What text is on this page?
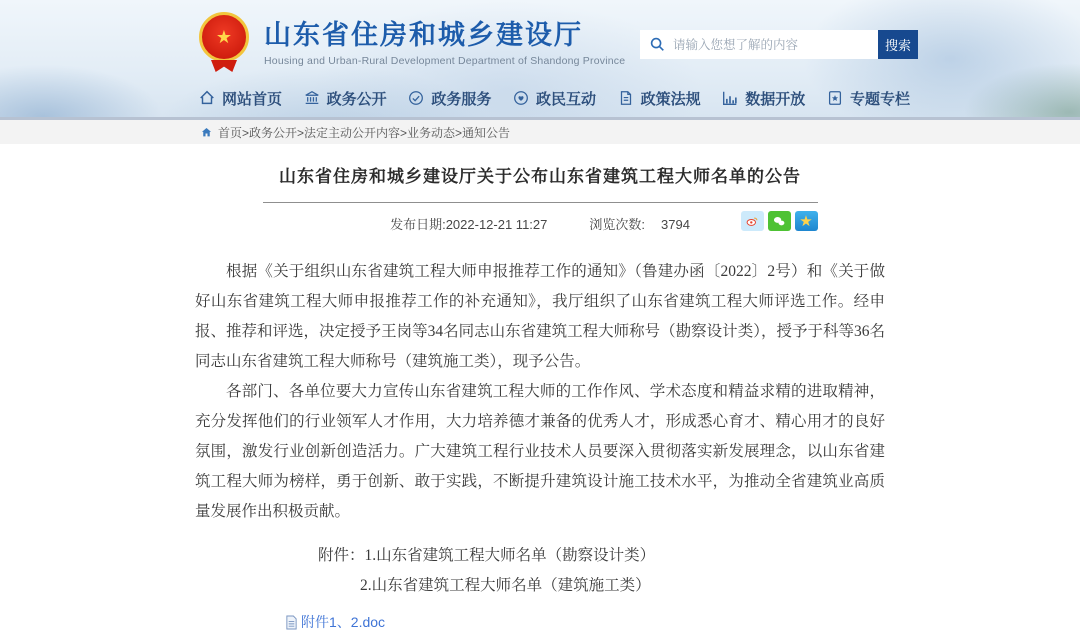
★	山东省住房和城乡建设厅
Housing and Urban-Rural Development Department of Shandong Province
请输入您想了解的内容
搜索
网站首页	政务公开	政务服务	政民互动	政策法规	数据开放	专题专栏
首页>政务公开>法定主动公开内容>业务动态>通知公告
山东省住房和城乡建设厅关于公布山东省建筑工程大师名单的公告
发布日期:2022-12-21 11:27	浏览次数: 3794	★

根据《关于组织山东省建筑工程大师申报推荐工作的通知》（鲁建办函〔2022〕2号）和《关于做好山东省建筑工程大师申报推荐工作的补充通知》，我厅组织了山东省建筑工程大师评选工作。经申报、推荐和评选，决定授予王岗等34名同志山东省建筑工程大师称号（勘察设计类），授予于科等36名同志山东省建筑工程大师称号（建筑施工类），现予公告。

各部门、各单位要大力宣传山东省建筑工程大师的工作作风、学术态度和精益求精的进取精神，充分发挥他们的行业领军人才作用，大力培养德才兼备的优秀人才，形成悉心育才、精心用才的良好氛围，激发行业创新创造活力。广大建筑工程行业技术人员要深入贯彻落实新发展理念，以山东省建筑工程大师为榜样，勇于创新、敢于实践，不断提升建筑设计施工技术水平，为推动全省建筑业高质量发展作出积极贡献。

附件：1.山东省建筑工程大师名单（勘察设计类）
2.山东省建筑工程大师名单（建筑施工类）
附件1、2.doc
